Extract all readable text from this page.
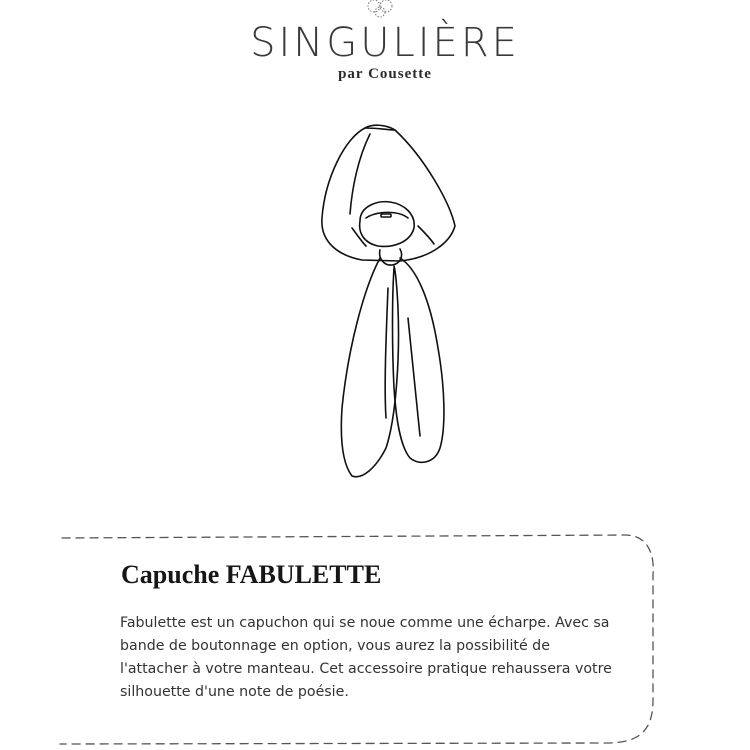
SINGULIÈRE
par Cousette
Capuche FABULETTE

Fabulette est un capuchon qui se noue comme une écharpe. Avec sa bande de boutonnage en option, vous aurez la possibilité de l'attacher à votre manteau. Cet accessoire pratique rehaussera votre silhouette d'une note de poésie.
